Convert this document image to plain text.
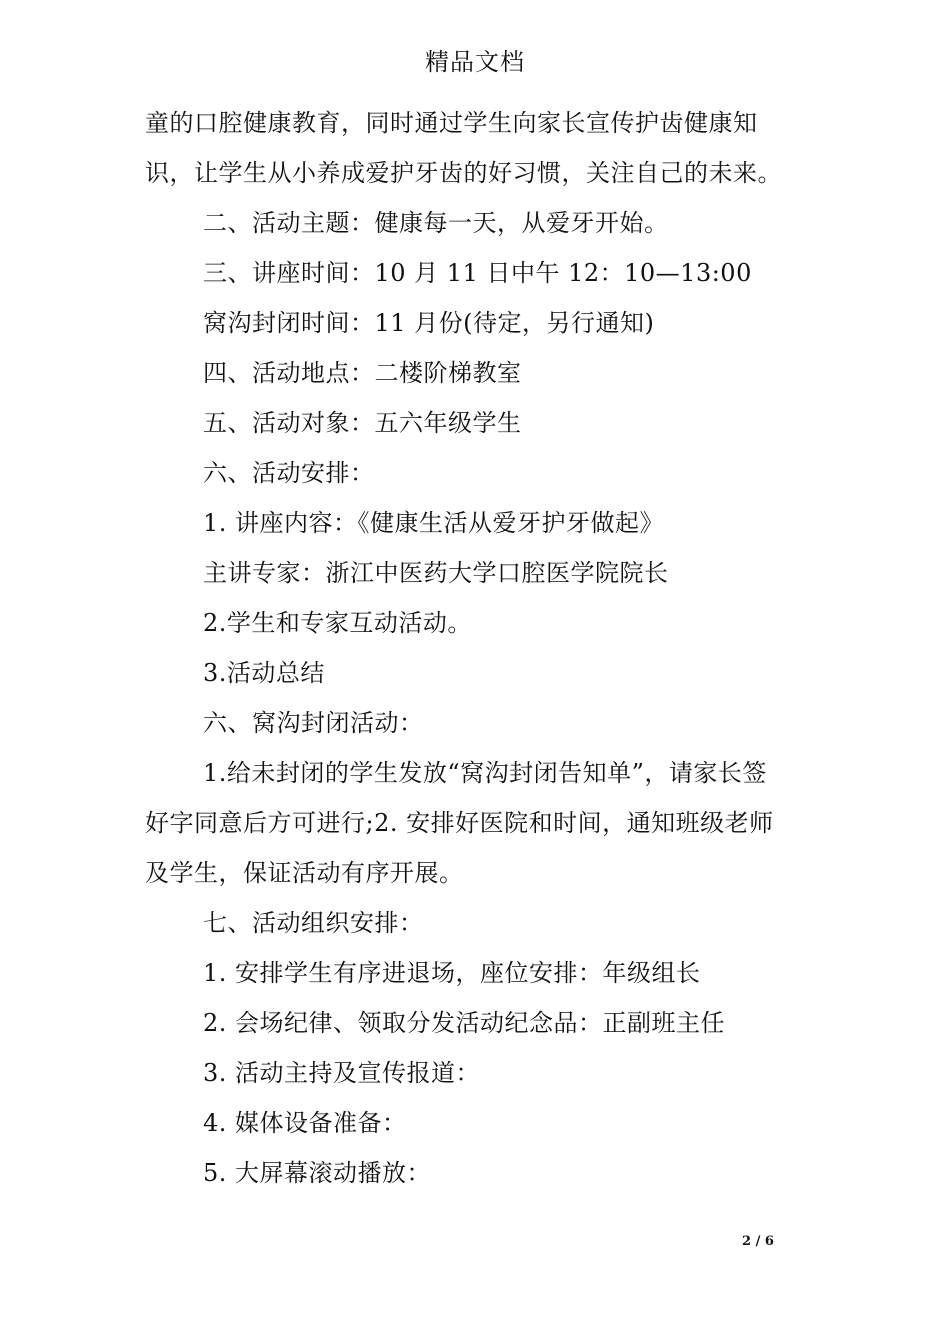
精品文档
童的口腔健康教育，同时通过学生向家长宣传护齿健康知
识，让学生从小养成爱护牙齿的好习惯，关注自己的未来。
二、活动主题：健康每一天，从爱牙开始。
三、讲座时间：10 月 11 日中午 12：10—13:00
窝沟封闭时间：11 月份(待定，另行通知)
四、活动地点：二楼阶梯教室
五、活动对象：五六年级学生
六、活动安排：
1. 讲座内容：《健康生活从爱牙护牙做起》
主讲专家：浙江中医药大学口腔医学院院长
2.学生和专家互动活动。
3.活动总结
六、窝沟封闭活动：
1.给未封闭的学生发放“窝沟封闭告知单”，请家长签
好字同意后方可进行;2. 安排好医院和时间，通知班级老师
及学生，保证活动有序开展。
七、活动组织安排：
1. 安排学生有序进退场，座位安排：年级组长
2. 会场纪律、领取分发活动纪念品：正副班主任
3. 活动主持及宣传报道：
4. 媒体设备准备：
5. 大屏幕滚动播放：
2 / 6
